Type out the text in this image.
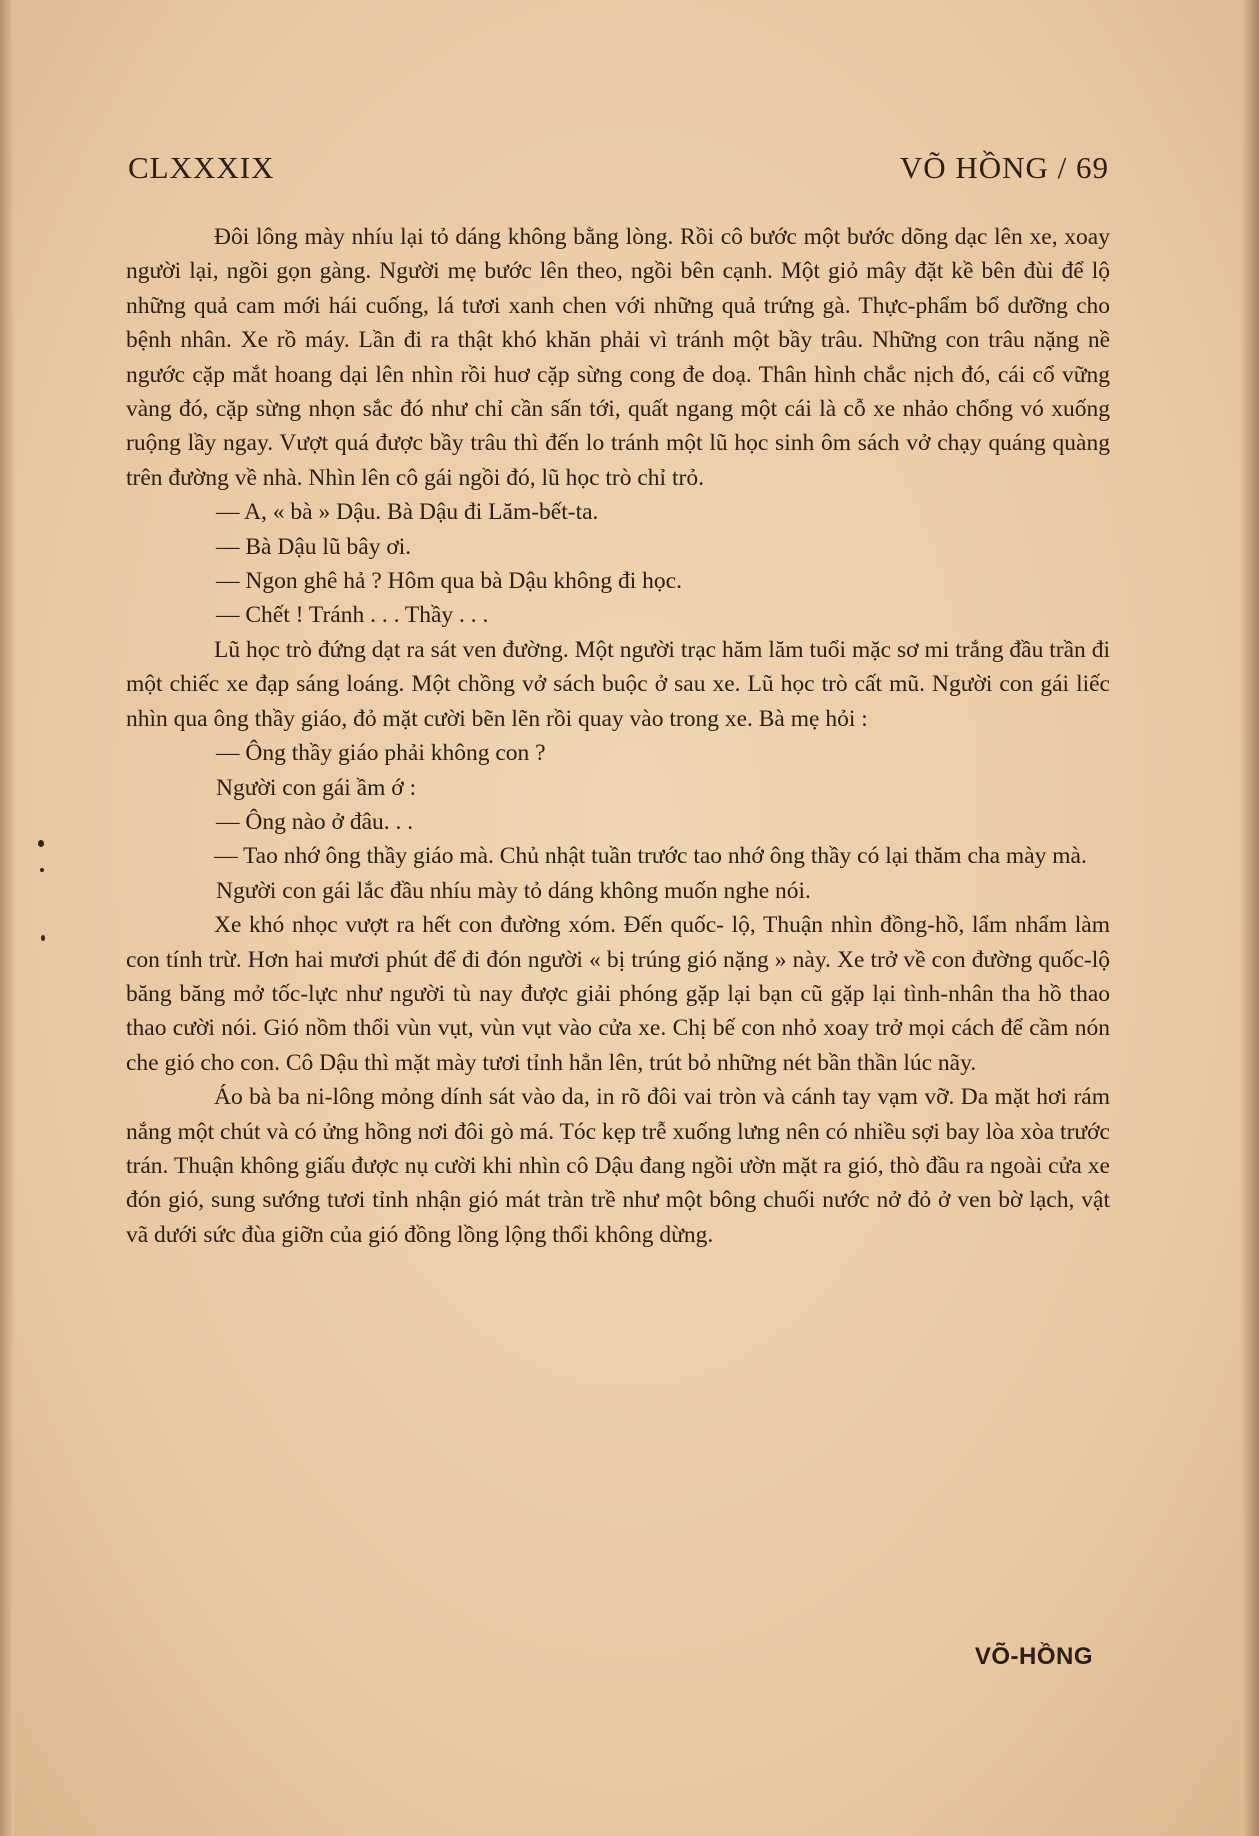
CLXXXIX	VÕ HỒNG / 69

Đôi lông mày nhíu lại tỏ dáng không bằng lòng. Rồi cô bước một bước dõng dạc lên xe, xoay người lại, ngồi gọn gàng. Người mẹ bước lên theo, ngồi bên cạnh. Một giỏ mây đặt kề bên đùi để lộ những quả cam mới hái cuống, lá tươi xanh chen với những quả trứng gà. Thực-phẩm bổ dưỡng cho bệnh nhân. Xe rồ máy. Lần đi ra thật khó khăn phải vì tránh một bầy trâu. Những con trâu nặng nề ngước cặp mắt hoang dại lên nhìn rồi huơ cặp sừng cong đe doạ. Thân hình chắc nịch đó, cái cổ vững vàng đó, cặp sừng nhọn sắc đó như chỉ cần sấn tới, quất ngang một cái là cỗ xe nhảo chổng vó xuống ruộng lầy ngay. Vượt quá được bầy trâu thì đến lo tránh một lũ học sinh ôm sách vở chạy quáng quàng trên đường về nhà. Nhìn lên cô gái ngồi đó, lũ học trò chỉ trỏ.

— A, « bà » Dậu. Bà Dậu đi Lăm-bết-ta.

— Bà Dậu lũ bây ơi.

— Ngon ghê hả ? Hôm qua bà Dậu không đi học.

— Chết ! Tránh . . . Thầy . . .

Lũ học trò đứng dạt ra sát ven đường. Một người trạc hăm lăm tuổi mặc sơ mi trắng đầu trần đi một chiếc xe đạp sáng loáng. Một chồng vở sách buộc ở sau xe. Lũ học trò cất mũ. Người con gái liếc nhìn qua ông thầy giáo, đỏ mặt cười bẽn lẽn rồi quay vào trong xe. Bà mẹ hỏi :

— Ông thầy giáo phải không con ?

Người con gái ầm ớ :

— Ông nào ở đâu. . .

— Tao nhớ ông thầy giáo mà. Chủ nhật tuần trước tao nhớ ông thầy có lại thăm cha mày mà.

Người con gái lắc đầu nhíu mày tỏ dáng không muốn nghe nói.

Xe khó nhọc vượt ra hết con đường xóm. Đến quốc- lộ, Thuận nhìn đồng-hồ, lẩm nhẩm làm con tính trừ. Hơn hai mươi phút để đi đón người « bị trúng gió nặng » này. Xe trở về con đường quốc-lộ băng băng mở tốc-lực như người tù nay được giải phóng gặp lại bạn cũ gặp lại tình-nhân tha hồ thao thao cười nói. Gió nồm thổi vùn vụt, vùn vụt vào cửa xe. Chị bế con nhỏ xoay trở mọi cách để cầm nón che gió cho con. Cô Dậu thì mặt mày tươi tỉnh hẳn lên, trút bỏ những nét bần thần lúc nãy.

Áo bà ba ni-lông mỏng dính sát vào da, in rõ đôi vai tròn và cánh tay vạm vỡ. Da mặt hơi rám nắng một chút và có ửng hồng nơi đôi gò má. Tóc kẹp trễ xuống lưng nên có nhiều sợi bay lòa xòa trước trán. Thuận không giấu được nụ cười khi nhìn cô Dậu đang ngồi ườn mặt ra gió, thò đầu ra ngoài cửa xe đón gió, sung sướng tươi tỉnh nhận gió mát tràn trề như một bông chuối nước nở đỏ ở ven bờ lạch, vật vã dưới sức đùa giỡn của gió đồng lồng lộng thổi không dừng.

VÕ-HỒNG
